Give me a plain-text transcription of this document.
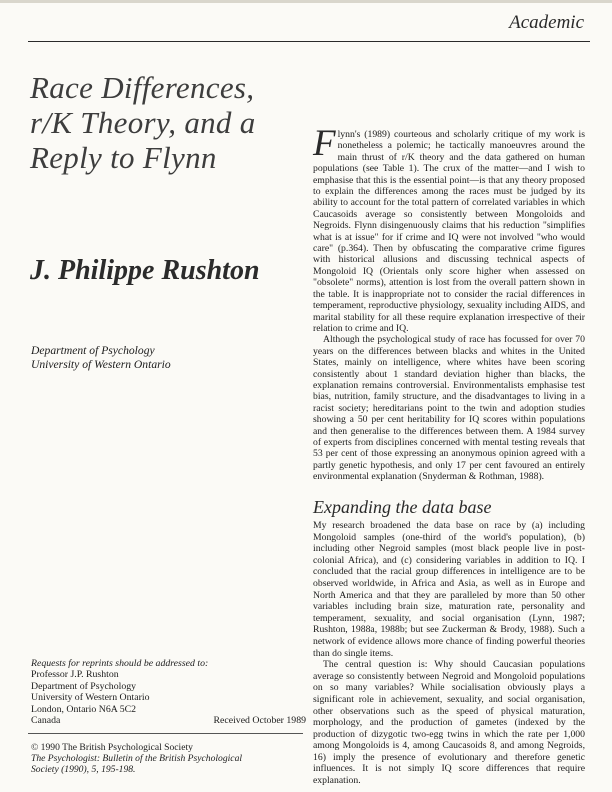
Academic
Race Differences, r/K Theory, and a Reply to Flynn
J. Philippe Rushton
Department of Psychology
University of Western Ontario

Flynn's (1989) courteous and scholarly critique of my work is nonetheless a polemic; he tactically manoeuvres around the main thrust of r/K theory and the data gathered on human populations (see Table 1). The crux of the matter—and I wish to emphasise that this is the essential point—is that any theory proposed to explain the differences among the races must be judged by its ability to account for the total pattern of correlated variables in which Caucasoids average so consistently between Mongoloids and Negroids. Flynn disingenuously claims that his reduction "simplifies what is at issue" for if crime and IQ were not involved "who would care" (p.364). Then by obfuscating the comparative crime figures with historical allusions and discussing technical aspects of Mongoloid IQ (Orientals only score higher when assessed on "obsolete" norms), attention is lost from the overall pattern shown in the table. It is inappropriate not to consider the racial differences in temperament, reproductive physiology, sexuality including AIDS, and marital stability for all these require explanation irrespective of their relation to crime and IQ.

Although the psychological study of race has focussed for over 70 years on the differences between blacks and whites in the United States, mainly on intelligence, where whites have been scoring consistently about 1 standard deviation higher than blacks, the explanation remains controversial. Environmentalists emphasise test bias, nutrition, family structure, and the disadvantages to living in a racist society; hereditarians point to the twin and adoption studies showing a 50 per cent heritability for IQ scores within populations and then generalise to the differences between them. A 1984 survey of experts from disciplines concerned with mental testing reveals that 53 per cent of those expressing an anonymous opinion agreed with a partly genetic hypothesis, and only 17 per cent favoured an entirely environmental explanation (Snyderman & Rothman, 1988).

Expanding the data base

My research broadened the data base on race by (a) including Mongoloid samples (one-third of the world's population), (b) including other Negroid samples (most black people live in post-colonial Africa), and (c) considering variables in addition to IQ. I concluded that the racial group differences in intelligence are to be observed worldwide, in Africa and Asia, as well as in Europe and North America and that they are paralleled by more than 50 other variables including brain size, maturation rate, personality and temperament, sexuality, and social organisation (Lynn, 1987; Rushton, 1988a, 1988b; but see Zuckerman & Brody, 1988). Such a network of evidence allows more chance of finding powerful theories than do single items.

The central question is: Why should Caucasian populations average so consistently between Negroid and Mongoloid populations on so many variables? While socialisation obviously plays a significant role in achievement, sexuality, and social organisation, other observations such as the speed of physical maturation, morphology, and the production of gametes (indexed by the production of dizygotic two-egg twins in which the rate per 1,000 among Mongoloids is 4, among Caucasoids 8, and among Negroids, 16) imply the presence of evolutionary and therefore genetic influences. It is not simply IQ score differences that require explanation.

Requests for reprints should be addressed to:
Professor J.P. Rushton
Department of Psychology
University of Western Ontario
London, Ontario N6A 5C2
Canada	Received October 1989
© 1990 The British Psychological Society
The Psychologist: Bulletin of the British Psychological
Society (1990), 5, 195-198.
